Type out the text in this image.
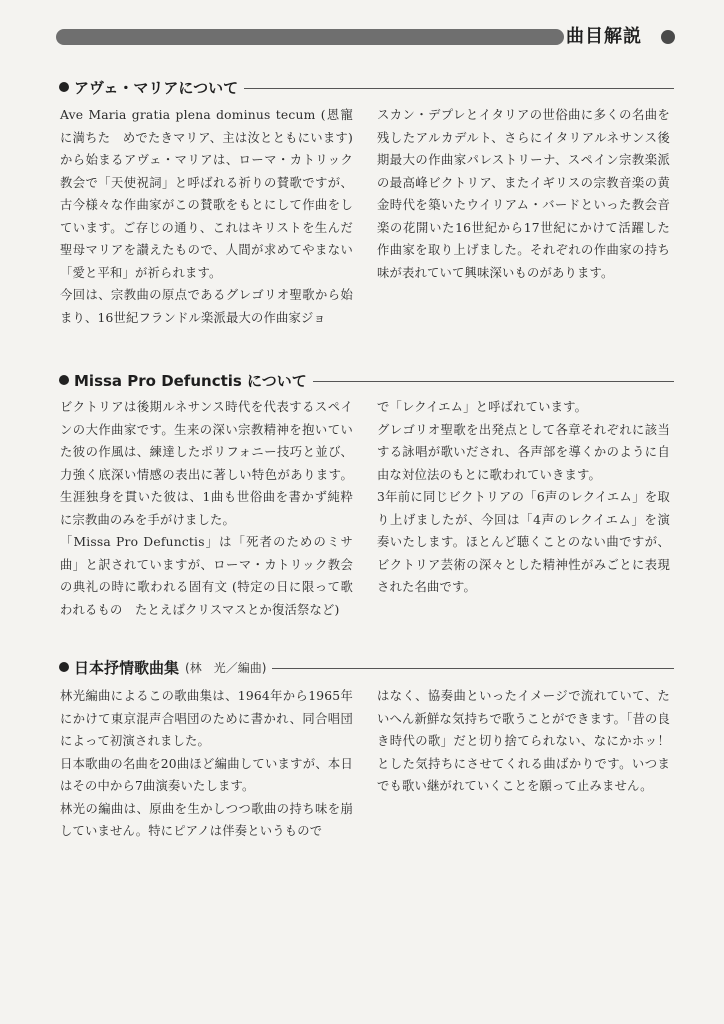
曲目解説
アヴェ・マリアについて

Ave Maria gratia plena dominus tecum (恩寵に満ちた　めでたきマリア、主は汝とともにいます) から始まるアヴェ・マリアは、ローマ・カトリック教会で「天使祝詞」と呼ばれる祈りの賛歌ですが、古今様々な作曲家がこの賛歌をもとにして作曲をしています。ご存じの通り、これはキリストを生んだ聖母マリアを讃えたもので、人間が求めてやまない「愛と平和」が祈られます。

今回は、宗教曲の原点であるグレゴリオ聖歌から始まり、16世紀フランドル楽派最大の作曲家ジョ

スカン・デプレとイタリアの世俗曲に多くの名曲を残したアルカデルト、さらにイタリアルネサンス後期最大の作曲家パレストリーナ、スペイン宗教楽派の最高峰ビクトリア、またイギリスの宗教音楽の黄金時代を築いたウイリアム・バードといった教会音楽の花開いた16世紀から17世紀にかけて活躍した作曲家を取り上げました。それぞれの作曲家の持ち味が表れていて興味深いものがあります。

Missa Pro Defunctis について

ビクトリアは後期ルネサンス時代を代表するスペインの大作曲家です。生来の深い宗教精神を抱いていた彼の作風は、練達したポリフォニー技巧と並び、力強く底深い情感の表出に著しい特色があります。生涯独身を貫いた彼は、1曲も世俗曲を書かず純粋に宗教曲のみを手がけました。

「Missa Pro Defunctis」は「死者のためのミサ曲」と訳されていますが、ローマ・カトリック教会の典礼の時に歌われる固有文 (特定の日に限って歌われるもの　たとえばクリスマスとか復活祭など)

で「レクイエム」と呼ばれています。

グレゴリオ聖歌を出発点として各章それぞれに該当する詠唱が歌いだされ、各声部を導くかのように自由な対位法のもとに歌われていきます。

3年前に同じビクトリアの「6声のレクイエム」を取り上げましたが、今回は「4声のレクイエム」を演奏いたします。ほとんど聴くことのない曲ですが、ビクトリア芸術の深々とした精神性がみごとに表現された名曲です。

日本抒情歌曲集 (林　光／編曲)

林光編曲によるこの歌曲集は、1964年から1965年にかけて東京混声合唱団のために書かれ、同合唱団によって初演されました。

日本歌曲の名曲を20曲ほど編曲していますが、本日はその中から7曲演奏いたします。

林光の編曲は、原曲を生かしつつ歌曲の持ち味を崩していません。特にピアノは伴奏というもので

はなく、協奏曲といったイメージで流れていて、たいへん新鮮な気持ちで歌うことができます。「昔の良き時代の歌」だと切り捨てられない、なにかホッ！とした気持ちにさせてくれる曲ばかりです。いつまでも歌い継がれていくことを願って止みません。
